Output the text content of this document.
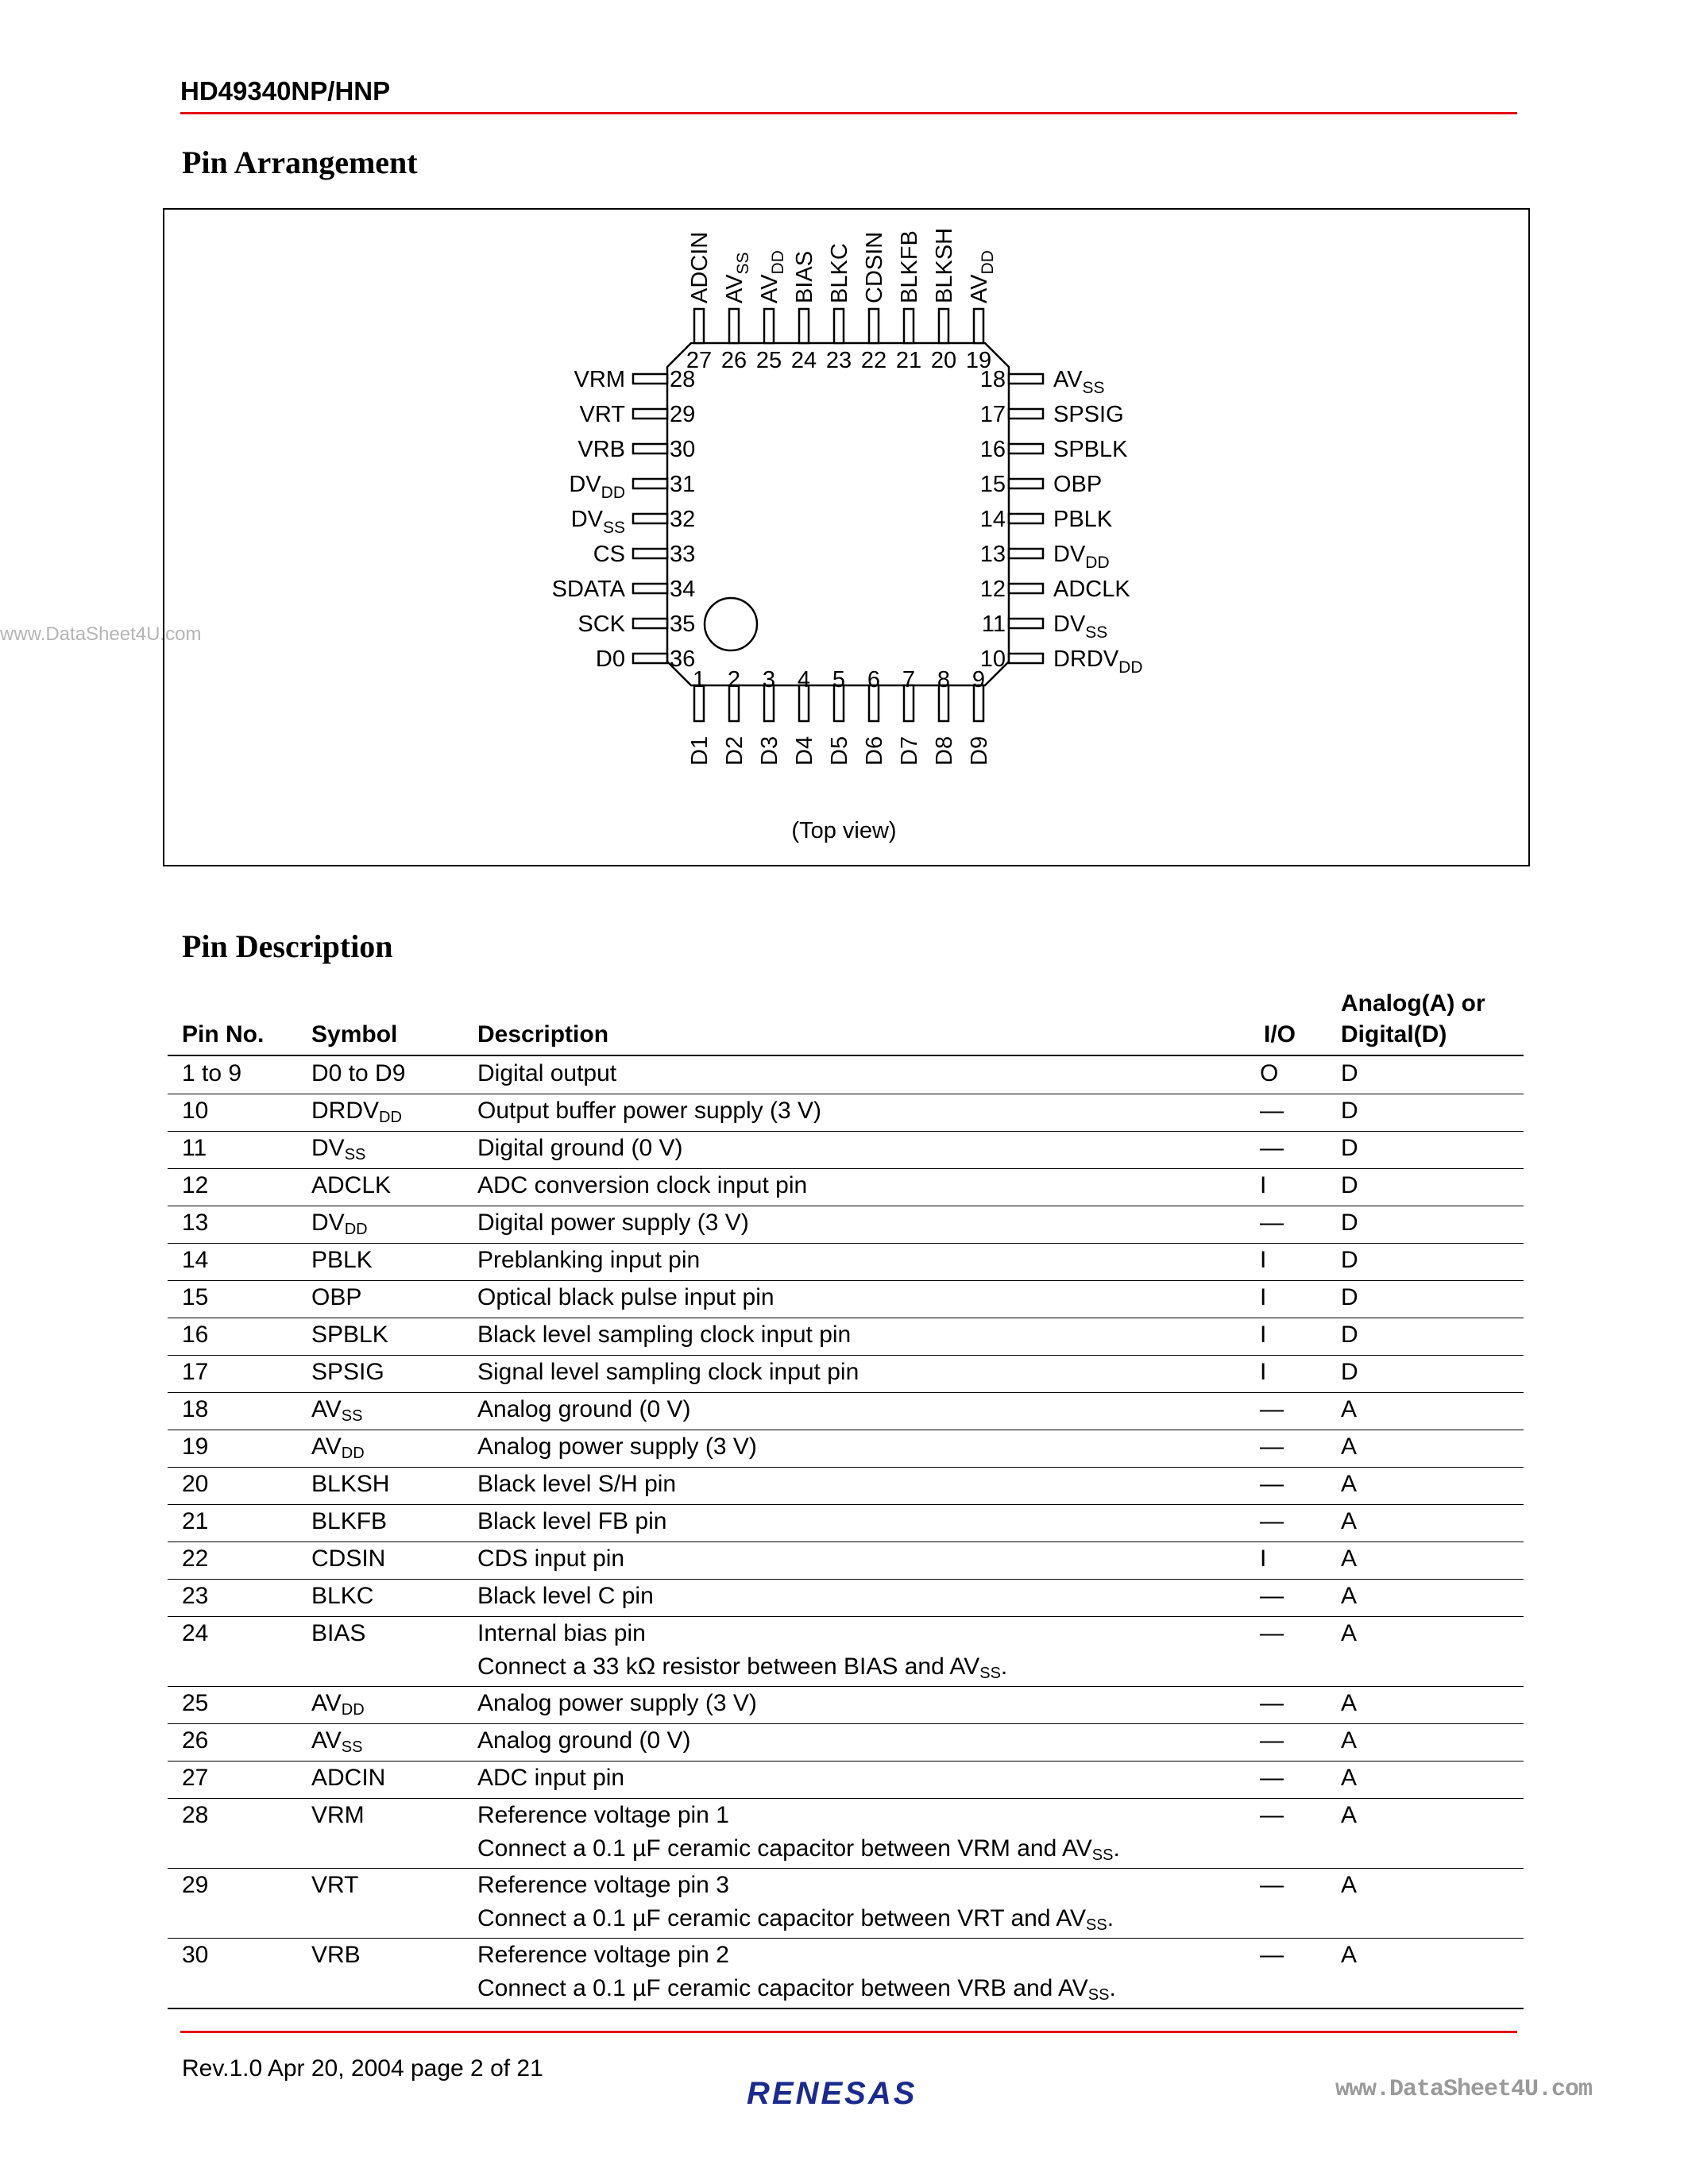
HD49340NP/HNP
Pin Arrangement
www.DataSheet4U.com
27
ADCIN
26
$AV_{SS}$
25
$AV_{DD}$
24
BIAS
23
BLKC
22
CDSIN
21
BLKFB
20
BLKSH
19
$AV_{DD}$
1
D1
2
D2
3
D3
4
D4
5
D5
6
D6
7
D7
8
D8
9
D9
28
VRM
29
VRT
30
VRB
31
$DV_{DD}$
32
$DV_{SS}$
33
CS
34
SDATA
35
SCK
36
D0
18 $AV_{SS}$
17 SPSIG
16 SPBLK
15 OBP
14 PBLK
13 $DV_{DD}$
12 ADCLK
11 $DV_{SS}$
10 $DRDV_{DD}$
(Top view)
Pin Description
Pin No. Symbol	Description	I/O
Analog(A) or
Digital(D)
1 to 9	D0 to D9	Digital output	O	D
10	$DRDV_{DD}$	Output buffer power supply (3 V)	— D
11	$DV_{SS}$	Digital ground (0 V)	— D
12	ADCLK	ADC conversion clock input pin	I	D
13	$DV_{DD}$	Digital power supply (3 V)	— D
14	PBLK	Preblanking input pin	I	D
15	OBP	Optical black pulse input pin	I	D
16	SPBLK	Black level sampling clock input pin	I	D
17	SPSIG	Signal level sampling clock input pin	I	D
18	$AV_{SS}$	Analog ground (0 V)	— A
19	$AV_{DD}$	Analog power supply (3 V)	— A
20	BLKSH	Black level S/H pin	— A
21	BLKFB	Black level FB pin	— A
22	CDSIN	CDS input pin	I	A
23	BLKC	Black level C pin	— A
24	BIAS	Internal bias pin
Connect a 33 kΩ resistor between BIAS and $AV_{SS}$.
— A
25	$AV_{DD}$	Analog power supply (3 V)	— A
26	$AV_{SS}$	Analog ground (0 V)	— A
27	ADCIN	ADC input pin	— A
28	VRM	Reference voltage pin 1
Connect a 0.1 µF ceramic capacitor between VRM and $AV_{SS}$.
— A
29	VRT	Reference voltage pin 3
Connect a 0.1 µF ceramic capacitor between VRT and $AV_{SS}$.
— A
30	VRB	Reference voltage pin 2
Connect a 0.1 µF ceramic capacitor between VRB and $AV_{SS}$.
— A
Rev.1.0 Apr 20, 2004 page 2 of 21
RENESAS	www.DataSheet4U.com
